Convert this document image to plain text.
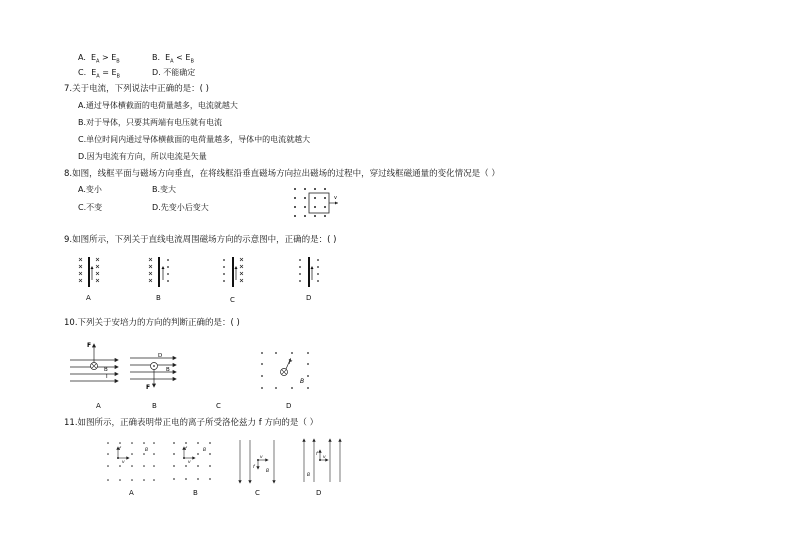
A.  $E_A > E_B$	B.  $E_A < E_B$
C.  $E_A = E_B$	D. 不能确定
7.关于电流，下列说法中正确的是：( )
A.通过导体横截面的电荷量越多，电流就越大
B.对于导体，只要其两端有电压就有电流
C.单位时间内通过导体横截面的电荷量越多，导体中的电流就越大
D.因为电流有方向，所以电流是矢量
8.如图，线框平面与磁场方向垂直，在将线框沿垂直磁场方向拉出磁场的过程中，穿过线框磁通量的变化情况是（ ）
A.变小	B.变大
C.不变	D.先变小后变大
v
9.如图所示，下列关于直线电流周围磁场方向的示意图中，正确的是：( )
A	B	C	D
10.下列关于安培力的方向的判断正确的是：( )
F
B
I
A
D
B
F
B	C
F
B
D
11.如图所示，正确表明带正电的离子所受洛伦兹力 f 方向的是（ ）
f
v
B
A
f
v
B
B
v
f
B
C
f
v
B
D
